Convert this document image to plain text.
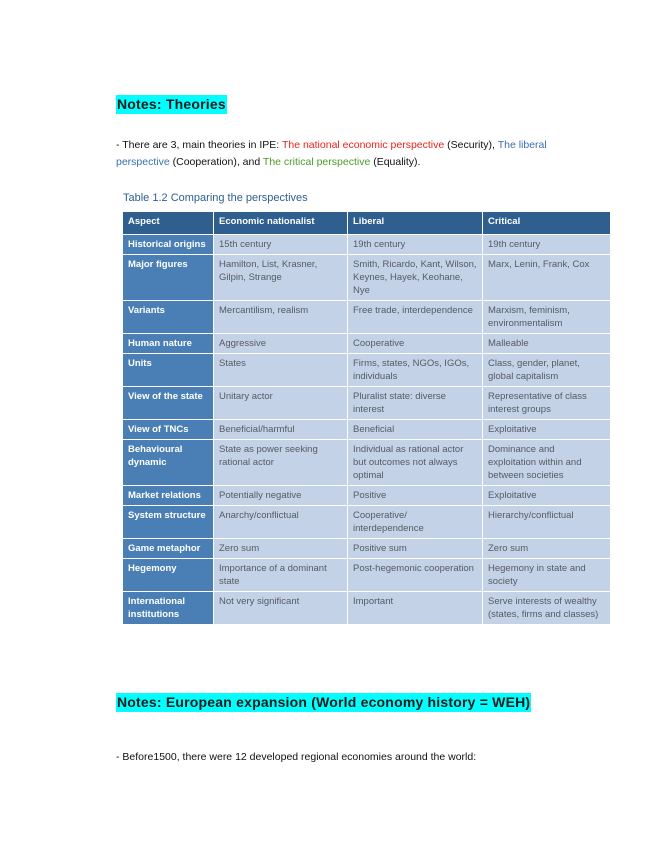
Notes: Theories
- There are 3, main theories in IPE: The national economic perspective (Security), The liberal perspective (Cooperation), and The critical perspective (Equality).
Table 1.2 Comparing the perspectives
Aspect	Economic nationalist	Liberal	Critical
Historical origins	15th century	19th century	19th century
Major figures	Hamilton, List, Krasner, Gilpin, Strange	Smith, Ricardo, Kant, Wilson, Keynes, Hayek, Keohane, Nye	Marx, Lenin, Frank, Cox
Variants	Mercantilism, realism	Free trade, interdependence	Marxism, feminism, environmentalism
Human nature	Aggressive	Cooperative	Malleable
Units	States	Firms, states, NGOs, IGOs, individuals	Class, gender, planet, global capitalism
View of the state	Unitary actor	Pluralist state: diverse interest	Representative of class interest groups
View of TNCs	Beneficial/harmful	Beneficial	Exploitative
Behavioural dynamic	State as power seeking rational actor	Individual as rational actor but outcomes not always optimal	Dominance and exploitation within and between societies
Market relations	Potentially negative	Positive	Exploitative
System structure	Anarchy/conflictual	Cooperative/ interdependence	Hierarchy/conflictual
Game metaphor	Zero sum	Positive sum	Zero sum
Hegemony	Importance of a dominant state	Post-hegemonic cooperation	Hegemony in state and society
International institutions	Not very significant	Important	Serve interests of wealthy (states, firms and classes)
Notes: European expansion (World economy history = WEH)
- Before1500, there were 12 developed regional economies around the world:
